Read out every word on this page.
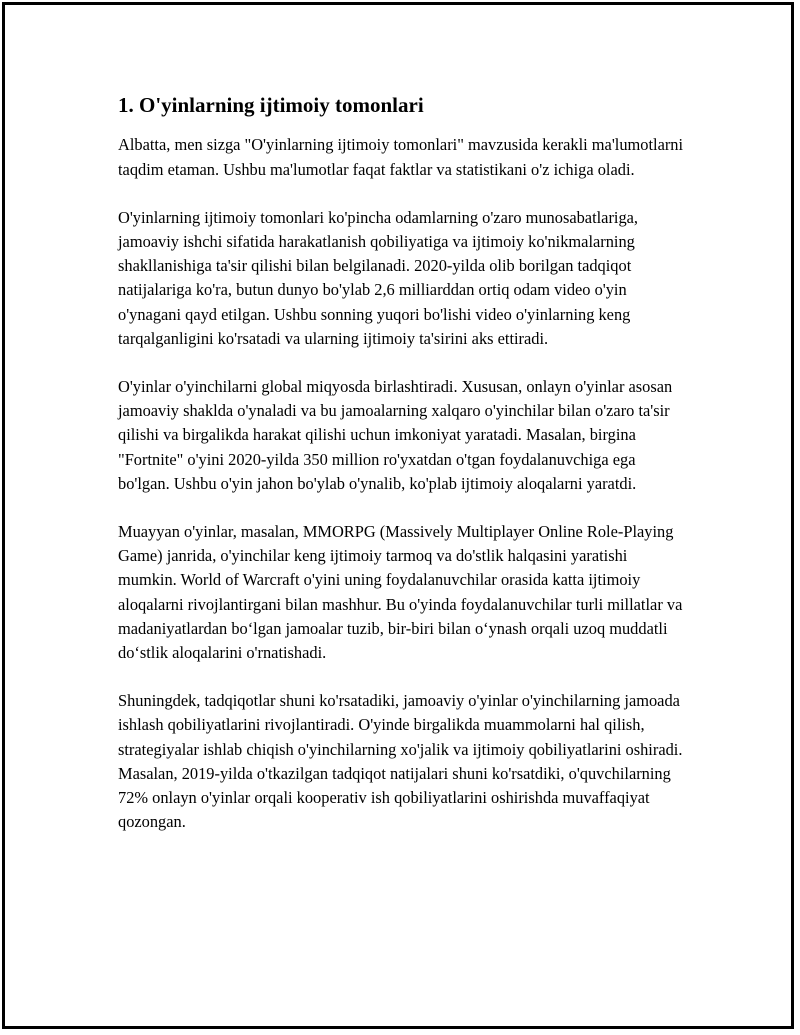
1. O'yinlarning ijtimoiy tomonlari

Albatta, men sizga "O'yinlarning ijtimoiy tomonlari" mavzusida kerakli ma'lumotlarni taqdim etaman. Ushbu ma'lumotlar faqat faktlar va statistikani o'z ichiga oladi.

O'yinlarning ijtimoiy tomonlari ko'pincha odamlarning o'zaro munosabatlariga, jamoaviy ishchi sifatida harakatlanish qobiliyatiga va ijtimoiy ko'nikmalarning shakllanishiga ta'sir qilishi bilan belgilanadi. 2020-yilda olib borilgan tadqiqot natijalariga ko'ra, butun dunyo bo'ylab 2,6 milliarddan ortiq odam video o'yin o'ynagani qayd etilgan. Ushbu sonning yuqori bo'lishi video o'yinlarning keng tarqalganligini ko'rsatadi va ularning ijtimoiy ta'sirini aks ettiradi.

O'yinlar o'yinchilarni global miqyosda birlashtiradi. Xususan, onlayn o'yinlar asosan jamoaviy shaklda o'ynaladi va bu jamoalarning xalqaro o'yinchilar bilan o'zaro ta'sir qilishi va birgalikda harakat qilishi uchun imkoniyat yaratadi. Masalan, birgina "Fortnite" o'yini 2020-yilda 350 million ro'yxatdan o'tgan foydalanuvchiga ega bo'lgan. Ushbu o'yin jahon bo'ylab o'ynalib, ko'plab ijtimoiy aloqalarni yaratdi.

Muayyan o'yinlar, masalan, MMORPG (Massively Multiplayer Online Role-Playing Game) janrida, o'yinchilar keng ijtimoiy tarmoq va do'stlik halqasini yaratishi mumkin. World of Warcraft o'yini uning foydalanuvchilar orasida katta ijtimoiy aloqalarni rivojlantirgani bilan mashhur. Bu o'yinda foydalanuvchilar turli millatlar va madaniyatlardan bo‘lgan jamoalar tuzib, bir-biri bilan o‘ynash orqali uzoq muddatli do‘stlik aloqalarini o'rnatishadi.

Shuningdek, tadqiqotlar shuni ko'rsatadiki, jamoaviy o'yinlar o'yinchilarning jamoada ishlash qobiliyatlarini rivojlantiradi. O'yinde birgalikda muammolarni hal qilish, strategiyalar ishlab chiqish o'yinchilarning xo'jalik va ijtimoiy qobiliyatlarini oshiradi. Masalan, 2019-yilda o'tkazilgan tadqiqot natijalari shuni ko'rsatdiki, o'quvchilarning 72% onlayn o'yinlar orqali kooperativ ish qobiliyatlarini oshirishda muvaffaqiyat qozongan.
